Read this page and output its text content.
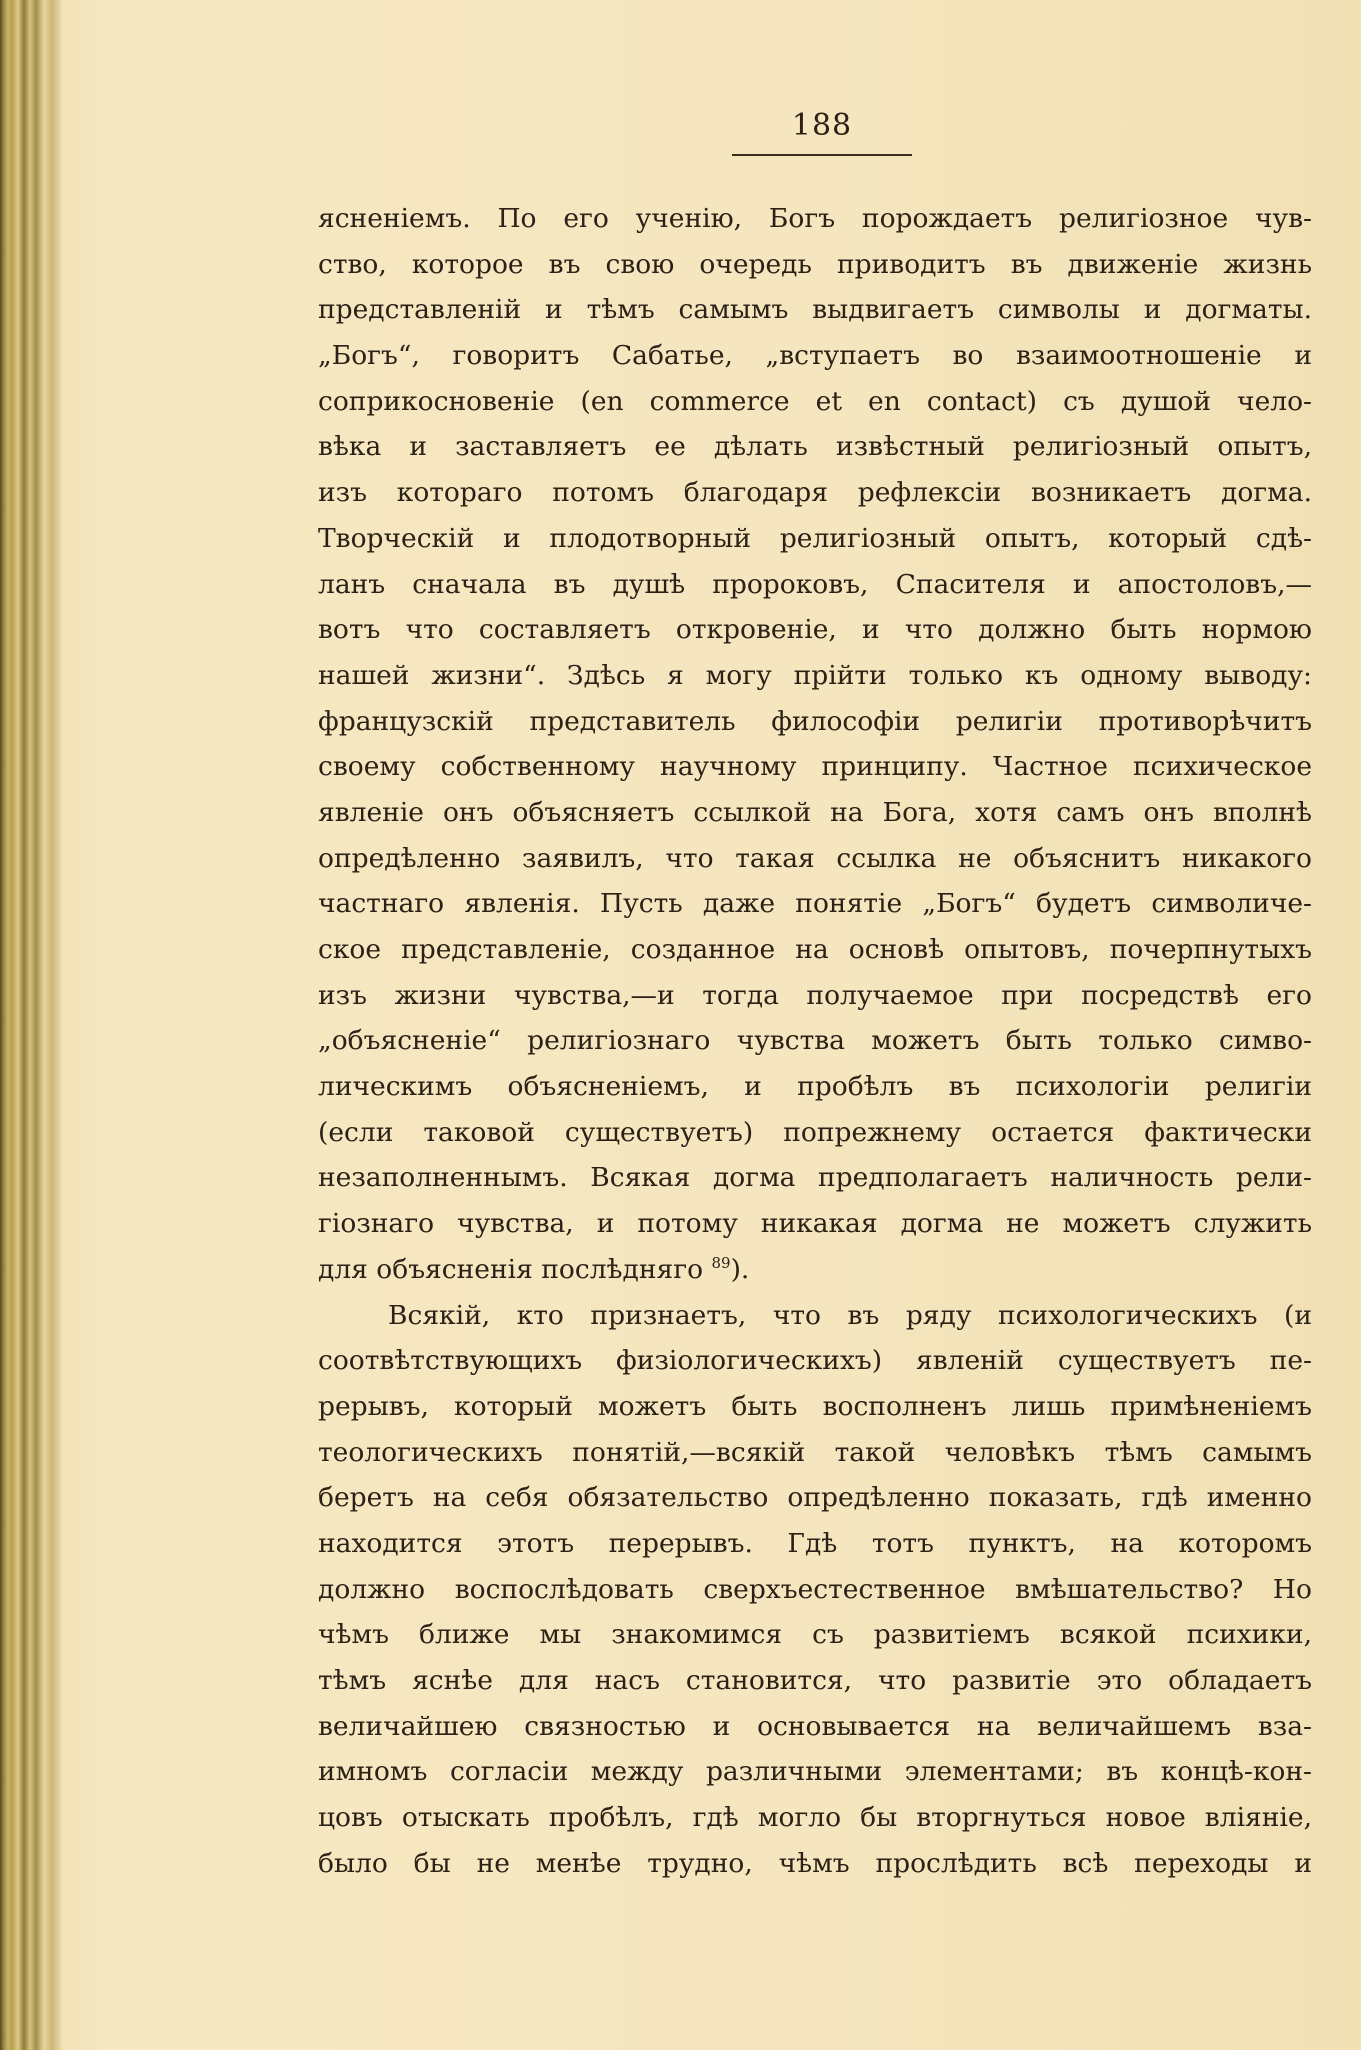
188
ясненіемъ. По его ученію, Богъ порождаетъ религіозное чув-
ство, которое въ свою очередь приводитъ въ движеніе жизнь
представленій и тѣмъ самымъ выдвигаетъ символы и догматы.
„Богъ“, говоритъ Сабатье, „вступаетъ во взаимоотношеніе и
соприкосновеніе (en commerce et en contact) съ душой чело-
вѣка и заставляетъ ее дѣлать извѣстный религіозный опытъ,
изъ котораго потомъ благодаря рефлексіи возникаетъ догма.
Творческій и плодотворный религіозный опытъ, который сдѣ-
ланъ сначала въ душѣ пророковъ, Спасителя и апостоловъ,—
вотъ что составляетъ откровеніе, и что должно быть нормою
нашей жизни“. Здѣсь я могу прійти только къ одному выводу:
французскій представитель философіи религіи противорѣчитъ
своему собственному научному принципу. Частное психическое
явленіе онъ объясняетъ ссылкой на Бога, хотя самъ онъ вполнѣ
опредѣленно заявилъ, что такая ссылка не объяснитъ никакого
частнаго явленія. Пусть даже понятіе „Богъ“ будетъ символиче-
ское представленіе, созданное на основѣ опытовъ, почерпнутыхъ
изъ жизни чувства,—и тогда получаемое при посредствѣ его
„объясненіе“ религіознаго чувства можетъ быть только симво-
лическимъ объясненіемъ, и пробѣлъ въ психологіи религіи
(если таковой существуетъ) попрежнему остается фактически
незаполненнымъ. Всякая догма предполагаетъ наличность рели-
гіознаго чувства, и потому никакая догма не можетъ служить
для объясненія послѣдняго $^{89}$).
Всякій, кто признаетъ, что въ ряду психологическихъ (и
соотвѣтствующихъ физіологическихъ) явленій существуетъ пе-
рерывъ, который можетъ быть восполненъ лишь примѣненіемъ
теологическихъ понятій,—всякій такой человѣкъ тѣмъ самымъ
беретъ на себя обязательство опредѣленно показать, гдѣ именно
находится этотъ перерывъ. Гдѣ тотъ пунктъ, на которомъ
должно воспослѣдовать сверхъестественное вмѣшательство? Но
чѣмъ ближе мы знакомимся съ развитіемъ всякой психики,
тѣмъ яснѣе для насъ становится, что развитіе это обладаетъ
величайшею связностью и основывается на величайшемъ вза-
имномъ согласіи между различными элементами; въ концѣ-кон-
цовъ отыскать пробѣлъ, гдѣ могло бы вторгнуться новое вліяніе,
было бы не менѣе трудно, чѣмъ прослѣдить всѣ переходы и
